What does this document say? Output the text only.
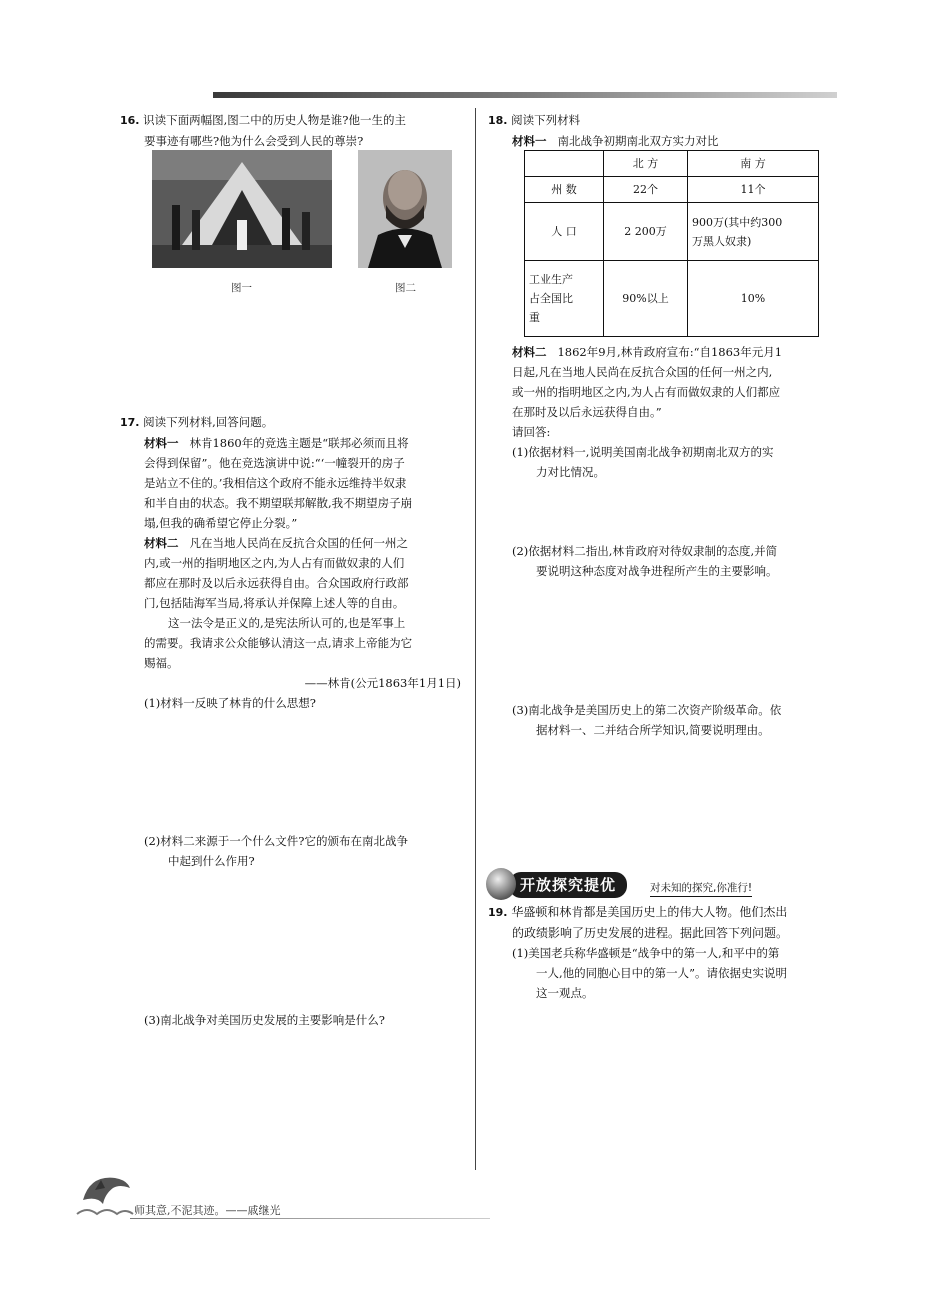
16. 识读下面两幅图,图二中的历史人物是谁?他一生的主
要事迹有哪些?他为什么会受到人民的尊崇?
图一	图二
17. 阅读下列材料,回答问题。
材料一 林肯1860年的竞选主题是“联邦必须而且将
会得到保留”。他在竞选演讲中说:“‘一幢裂开的房子
是站立不住的。’我相信这个政府不能永远维持半奴隶
和半自由的状态。我不期望联邦解散,我不期望房子崩
塌,但我的确希望它停止分裂。”
材料二 凡在当地人民尚在反抗合众国的任何一州之
内,或一州的指明地区之内,为人占有而做奴隶的人们
都应在那时及以后永远获得自由。合众国政府行政部
门,包括陆海军当局,将承认并保障上述人等的自由。
这一法令是正义的,是宪法所认可的,也是军事上
的需要。我请求公众能够认清这一点,请求上帝能为它
赐福。
——林肯(公元1863年1月1日)
(1)材料一反映了林肯的什么思想?
(2)材料二来源于一个什么文件?它的颁布在南北战争
中起到什么作用?
(3)南北战争对美国历史发展的主要影响是什么?
18. 阅读下列材料
材料一 南北战争初期南北双方实力对比
	北 方	南 方
州 数	22个	11个
人 口	2 200万	900万(其中约300
万黑人奴隶)

工业生产
占全国比
重	90%以上	10%
材料二 1862年9月,林肯政府宣布:“自1863年元月1
日起,凡在当地人民尚在反抗合众国的任何一州之内,
或一州的指明地区之内,为人占有而做奴隶的人们都应
在那时及以后永远获得自由。”
请回答:
(1)依据材料一,说明美国南北战争初期南北双方的实
力对比情况。
(2)依据材料二指出,林肯政府对待奴隶制的态度,并简
要说明这种态度对战争进程所产生的主要影响。
(3)南北战争是美国历史上的第二次资产阶级革命。依
据材料一、二并结合所学知识,简要说明理由。
开放探究提优	对未知的探究,你准行!
19. 华盛顿和林肯都是美国历史上的伟大人物。他们杰出
的政绩影响了历史发展的进程。据此回答下列问题。
(1)美国老兵称华盛顿是“战争中的第一人,和平中的第
一人,他的同胞心目中的第一人”。请依据史实说明
这一观点。
师其意,不泥其迹。——戚继光
